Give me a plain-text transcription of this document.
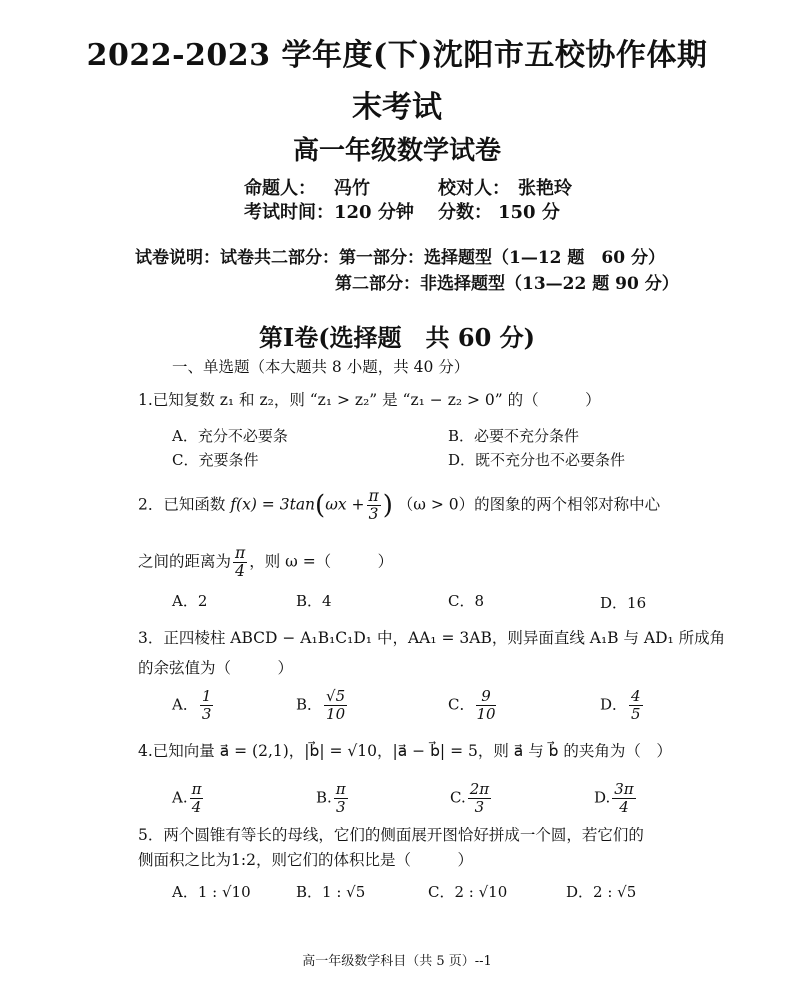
2022-2023 学年度(下)沈阳市五校协作体期
末考试
高一年级数学试卷
命题人： 冯竹	校对人： 张艳玲
考试时间： 120 分钟 分数： 150 分
试卷说明：试卷共二部分：第一部分：选择题型（1—12 题　60 分）
第二部分：非选择题型（13—22 题 90 分）
第Ⅰ卷(选择题　共 60 分)
一、单选题（本大题共 8 小题，共 40 分）
1.已知复数 z₁ 和 z₂，则 “z₁ > z₂” 是 “z₁ − z₂ > 0” 的（　　　）
A．充分不必要条	B．必要不充分条件
C．充要条件	D．既不充分也不必要条件
2．已知函数 $f(x) = 3\tan(\omega x + \frac{\pi}{3}$ ) （ω > 0）的图象的两个相邻对称中心
之间的距离为 $\frac{\pi}{4}$ ，则 ω =（　　　）
A．2	B．4	C．8	D．16
3．正四棱柱 ABCD − A₁B₁C₁D₁ 中，AA₁ = 3AB，则异面直线 A₁B 与 AD₁ 所成角
的余弦值为（　　　）
A． $\frac{1}{3}$	B． $\frac{√5}{10}$	C． $\frac{9}{10}$	D． $\frac{4}{5}$
4.已知向量 a⃗ = (2,1)，|b⃗| = √10，|a⃗ − b⃗| = 5，则 a⃗ 与 b⃗ 的夹角为（　）
A. $\frac{\pi}{4}$	B. $\frac{\pi}{3}$	C. $\frac{2\pi}{3}$	D. $\frac{3\pi}{4}$
5．两个圆锥有等长的母线，它们的侧面展开图恰好拼成一个圆，若它们的
侧面积之比为1:2，则它们的体积比是（　　　）
A．1 : √10	B．1 : √5	C．2 : √10	D．2 : √5
高一年级数学科目（共 5 页）--1
